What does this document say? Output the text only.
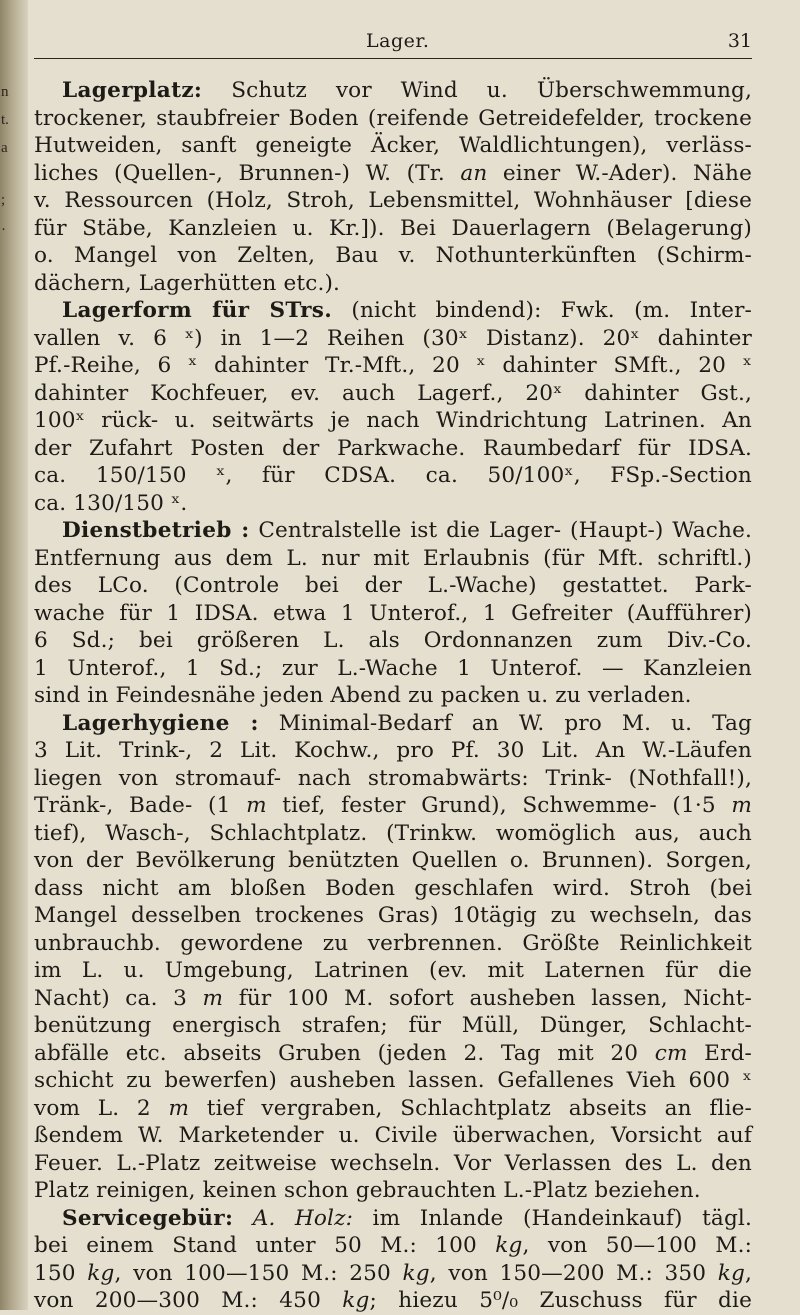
n
t.
a
;
·
Lager.	31
Lagerplatz: Schutz vor Wind u. Überschwemmung,
trockener, staubfreier Boden (reifende Getreidefelder, trockene
Hutweiden, sanft geneigte Äcker, Waldlichtungen), verläss-
liches (Quellen-, Brunnen-) W. (Tr. an einer W.-Ader). Nähe
v. Ressourcen (Holz, Stroh, Lebensmittel, Wohnhäuser [diese
für Stäbe, Kanzleien u. Kr.]). Bei Dauerlagern (Belagerung)
o. Mangel von Zelten, Bau v. Nothunterkünften (Schirm-
dächern, Lagerhütten etc.).
Lagerform für STrs. (nicht bindend): Fwk. (m. Inter-
vallen v. 6 ˣ) in 1—2 Reihen (30ˣ Distanz). 20ˣ dahinter
Pf.-Reihe, 6 ˣ dahinter Tr.-Mft., 20 ˣ dahinter SMft., 20 ˣ
dahinter Kochfeuer, ev. auch Lagerf., 20ˣ dahinter Gst.,
100ˣ rück- u. seitwärts je nach Windrichtung Latrinen. An
der Zufahrt Posten der Parkwache. Raumbedarf für IDSA.
ca. 150/150 ˣ, für CDSA. ca. 50/100ˣ, FSp.-Section
ca. 130/150 ˣ.
Dienstbetrieb : Centralstelle ist die Lager- (Haupt-) Wache.
Entfernung aus dem L. nur mit Erlaubnis (für Mft. schriftl.)
des LCo. (Controle bei der L.-Wache) gestattet. Park-
wache für 1 IDSA. etwa 1 Unterof., 1 Gefreiter (Aufführer)
6 Sd.; bei größeren L. als Ordonnanzen zum Div.-Co.
1 Unterof., 1 Sd.; zur L.-Wache 1 Unterof. — Kanzleien
sind in Feindesnähe jeden Abend zu packen u. zu verladen.
Lagerhygiene : Minimal-Bedarf an W. pro M. u. Tag
3 Lit. Trink-, 2 Lit. Kochw., pro Pf. 30 Lit. An W.-Läufen
liegen von stromauf- nach stromabwärts: Trink- (Nothfall!),
Tränk-, Bade- (1 m tief, fester Grund), Schwemme- (1·5 m
tief), Wasch-, Schlachtplatz. (Trinkw. womöglich aus, auch
von der Bevölkerung benützten Quellen o. Brunnen). Sorgen,
dass nicht am bloßen Boden geschlafen wird. Stroh (bei
Mangel desselben trockenes Gras) 10tägig zu wechseln, das
unbrauchb. gewordene zu verbrennen. Größte Reinlichkeit
im L. u. Umgebung, Latrinen (ev. mit Laternen für die
Nacht) ca. 3 m für 100 M. sofort ausheben lassen, Nicht-
benützung energisch strafen; für Müll, Dünger, Schlacht-
abfälle etc. abseits Gruben (jeden 2. Tag mit 20 cm Erd-
schicht zu bewerfen) ausheben lassen. Gefallenes Vieh 600 ˣ
vom L. 2 m tief vergraben, Schlachtplatz abseits an flie-
ßendem W. Marketender u. Civile überwachen, Vorsicht auf
Feuer. L.-Platz zeitweise wechseln. Vor Verlassen des L. den
Platz reinigen, keinen schon gebrauchten L.-Platz beziehen.
Servicegebür: A. Holz: im Inlande (Handeinkauf) tägl.
bei einem Stand unter 50 M.: 100 kg, von 50—100 M.:
150 kg, von 100—150 M.: 250 kg, von 150—200 M.: 350 kg,
von 200—300 M.: 450 kg; hiezu 5⁰/₀ Zuschuss für die
